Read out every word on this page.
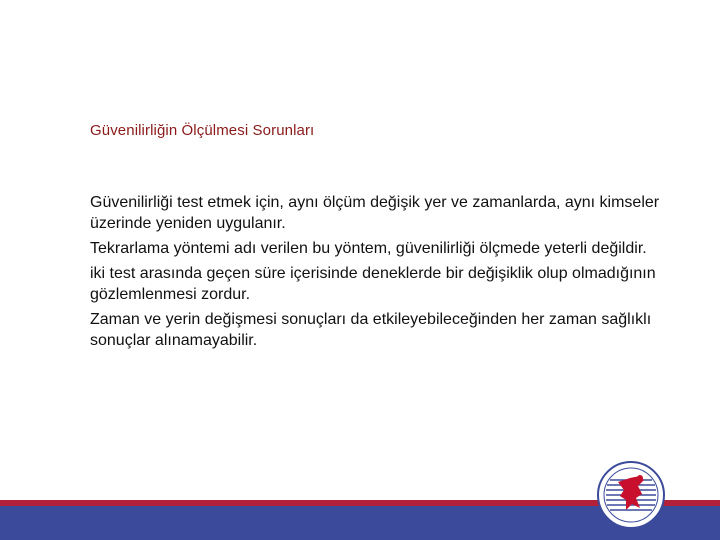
Güvenilirliğin Ölçülmesi Sorunları

Güvenilirliği test etmek için, aynı ölçüm değişik yer ve zamanlarda, aynı kimseler üzerinde yeniden uygulanır.

Tekrarlama yöntemi adı verilen bu yöntem, güvenilirliği ölçmede yeterli değildir.

iki test arasında geçen süre içerisinde deneklerde bir değişiklik olup olmadığının gözlemlenmesi zordur.

Zaman ve yerin değişmesi sonuçları da etkileyebileceğinden her zaman sağlıklı sonuçlar alınamayabilir.
